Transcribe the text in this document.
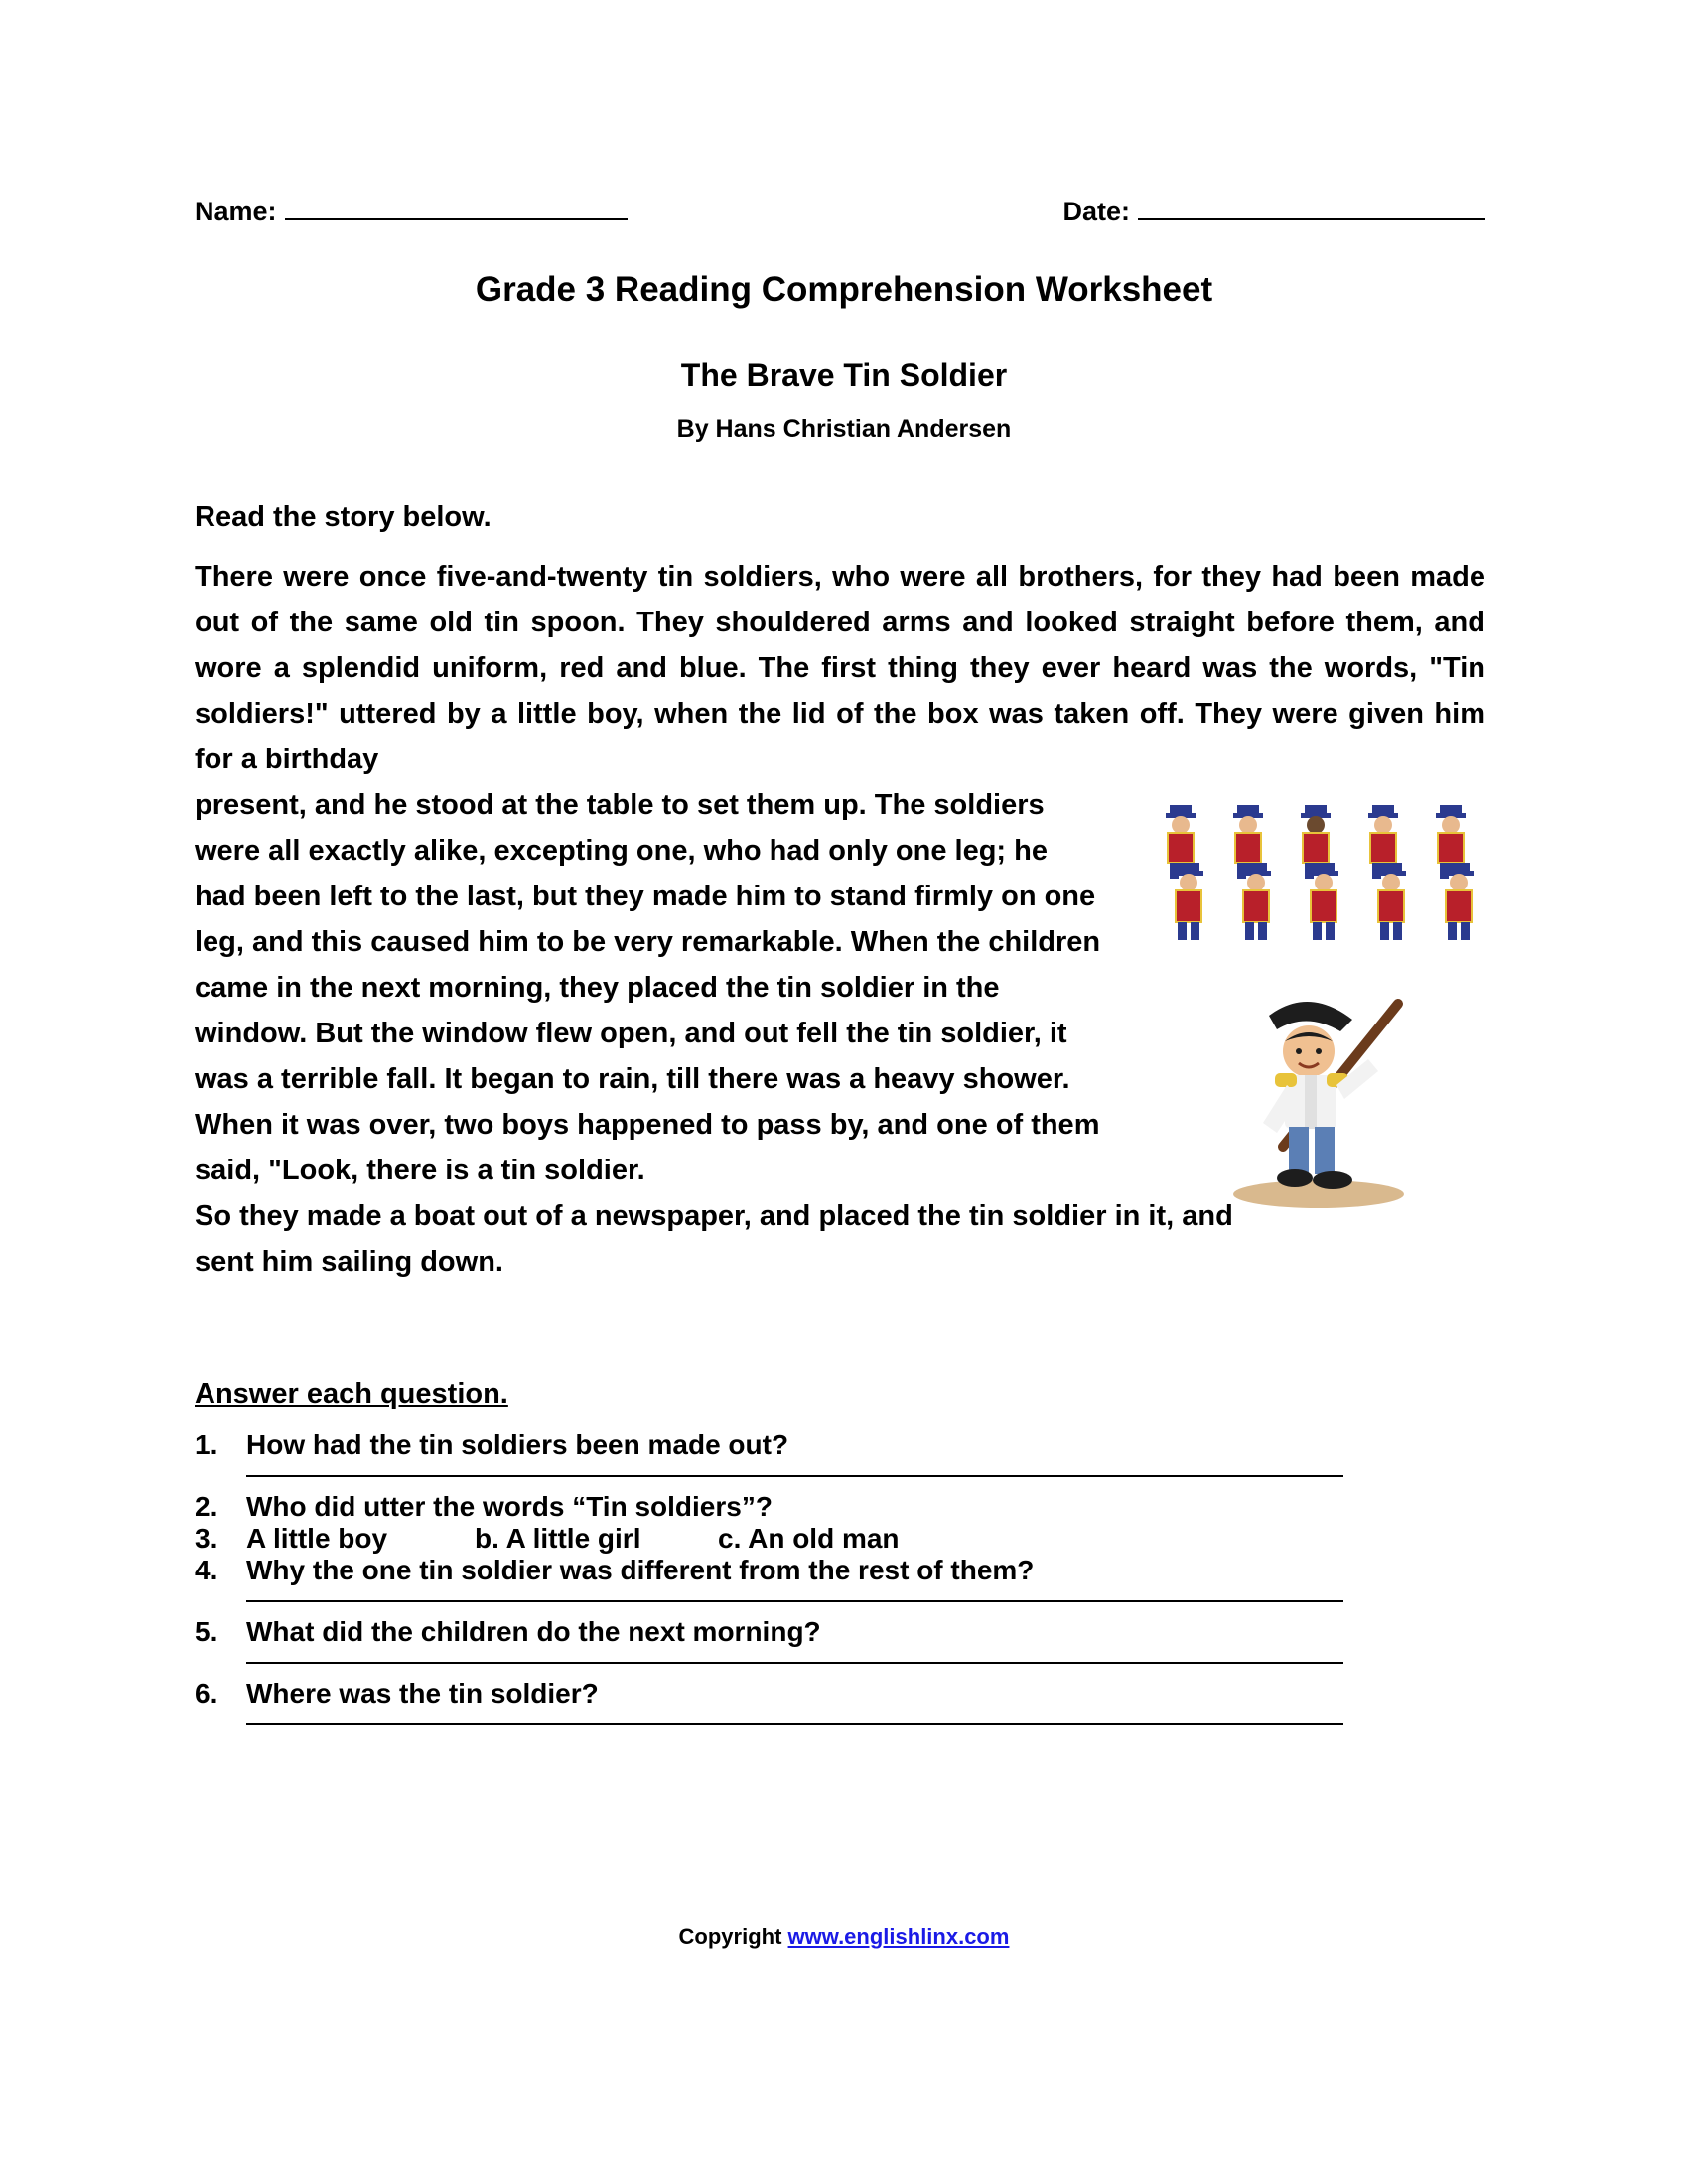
Name:	Date:
Grade 3 Reading Comprehension Worksheet
The Brave Tin Soldier
By Hans Christian Andersen
Read the story below.
There were once five-and-twenty tin soldiers, who were all brothers, for they had been made out of the same old tin spoon. They shouldered arms and looked straight before them, and wore a splendid uniform, red and blue. The first thing they ever heard was the words, "Tin soldiers!" uttered by a little boy, when the lid of the box was taken off. They were given him for a birthday
present, and he stood at the table to set them up. The soldiers were all exactly alike, excepting one, who had only one leg; he had been left to the last, but they made him to stand firmly on one leg, and this caused him to be very remarkable. When the children came in the next morning, they placed the tin soldier in the window. But the window flew open, and out fell the tin soldier, it was a terrible fall. It began to rain, till there was a heavy shower. When it was over, two boys happened to pass by, and one of them said, "Look, there is a tin soldier.
So they made a boat out of a newspaper, and placed the tin soldier in it, and
sent him sailing down.
Answer each question.
1.	How had the tin soldiers been made out?
2.	Who did utter the words “Tin soldiers”?
3.	A little boy	b. A little girl	c. An old man
4.	Why the one tin soldier was different from the rest of them?
5.	What did the children do the next morning?
6.	Where was the tin soldier?
Copyright www.englishlinx.com
